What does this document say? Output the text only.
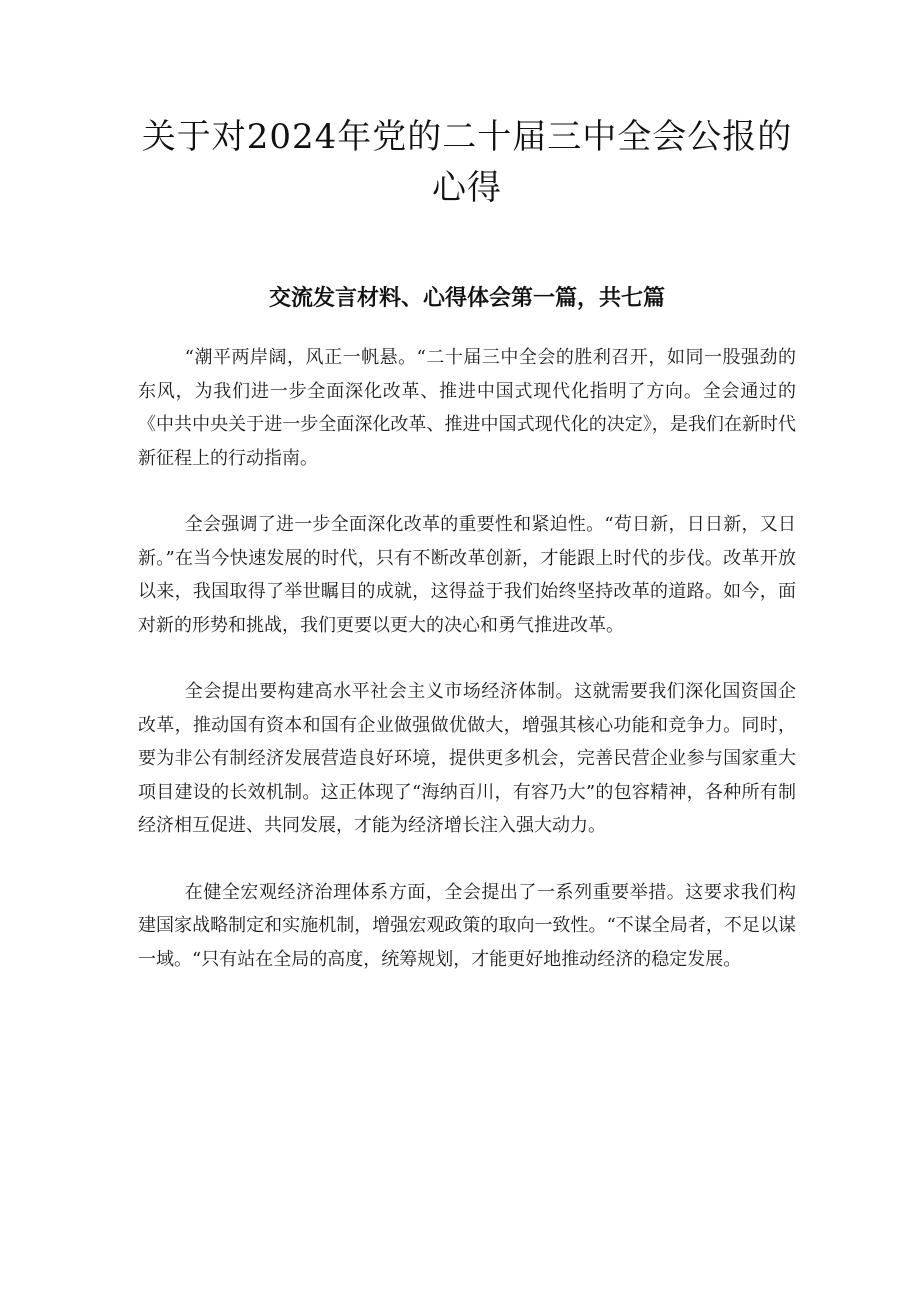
关于对2024年党的二十届三中全会公报的心得
交流发言材料、心得体会第一篇，共七篇

“潮平两岸阔，风正一帆悬。“二十届三中全会的胜利召开，如同一股强劲的东风，为我们进一步全面深化改革、推进中国式现代化指明了方向。全会通过的《中共中央关于进一步全面深化改革、推进中国式现代化的决定》，是我们在新时代新征程上的行动指南。

全会强调了进一步全面深化改革的重要性和紧迫性。“苟日新，日日新，又日新。”在当今快速发展的时代，只有不断改革创新，才能跟上时代的步伐。改革开放以来，我国取得了举世瞩目的成就，这得益于我们始终坚持改革的道路。如今，面对新的形势和挑战，我们更要以更大的决心和勇气推进改革。

全会提出要构建高水平社会主义市场经济体制。这就需要我们深化国资国企改革，推动国有资本和国有企业做强做优做大，增强其核心功能和竞争力。同时，要为非公有制经济发展营造良好环境，提供更多机会，完善民营企业参与国家重大项目建设的长效机制。这正体现了“海纳百川，有容乃大”的包容精神，各种所有制经济相互促进、共同发展，才能为经济增长注入强大动力。

在健全宏观经济治理体系方面，全会提出了一系列重要举措。这要求我们构建国家战略制定和实施机制，增强宏观政策的取向一致性。“不谋全局者，不足以谋一域。“只有站在全局的高度，统筹规划，才能更好地推动经济的稳定发展。
